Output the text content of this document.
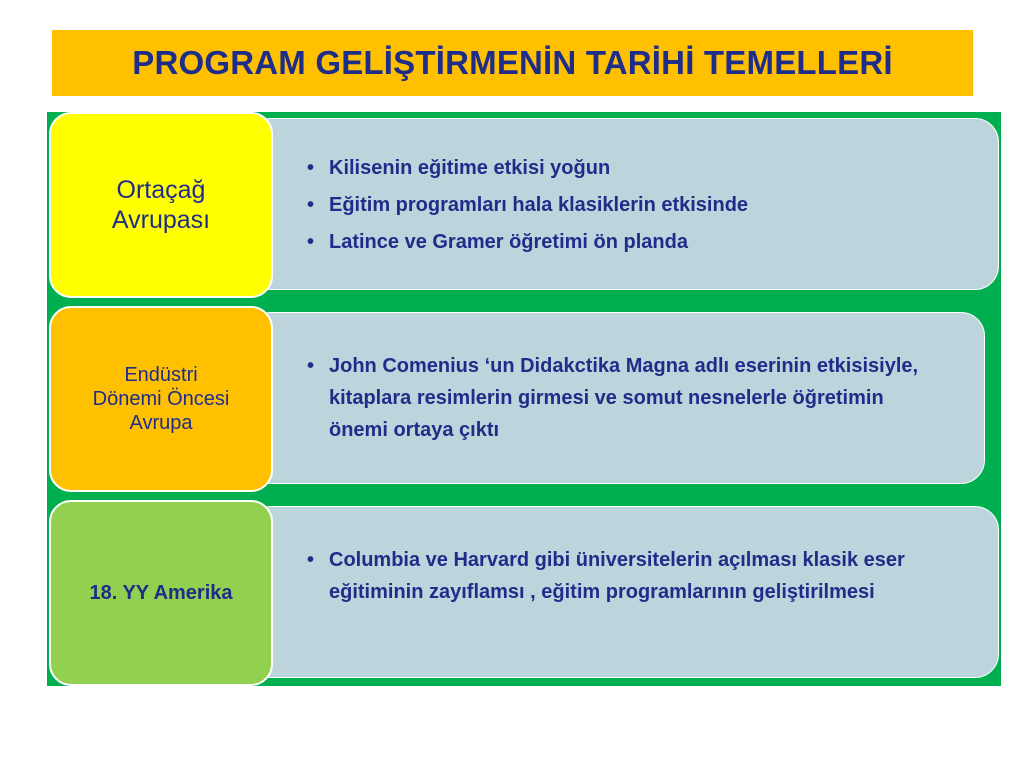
PROGRAM GELİŞTİRMENİN TARİHİ TEMELLERİ
Ortaçağ
Avrupası
• Kilisenin eğitime etkisi yoğun
• Eğitim programları hala klasiklerin etkisinde
• Latince ve Gramer öğretimi ön planda
Endüstri
Dönemi Öncesi
Avrupa
• John Comenius ‘un Didakctika Magna adlı eserinin etkisisiyle, kitaplara resimlerin girmesi ve somut nesnelerle öğretimin önemi ortaya çıktı
18. YY Amerika
• Columbia ve Harvard gibi üniversitelerin açılması klasik eser eğitiminin zayıflamsı , eğitim programlarının geliştirilmesi
